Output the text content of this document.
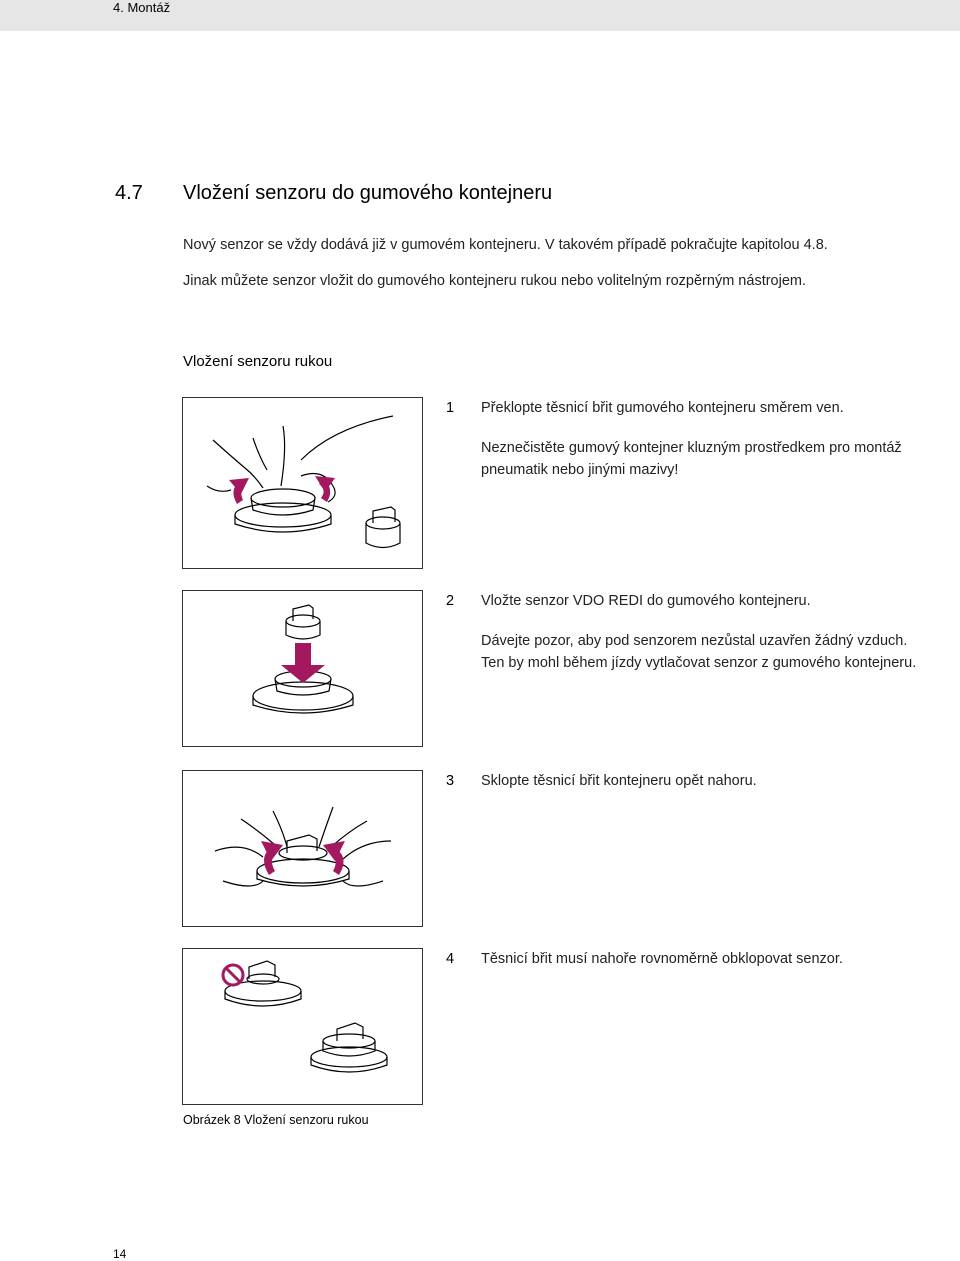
4. Montáž
4.7 Vložení senzoru do gumového kontejneru
Nový senzor se vždy dodává již v gumovém kontejneru. V takovém případě pokračujte kapitolou 4.8.
Jinak můžete senzor vložit do gumového kontejneru rukou nebo volitelným rozpěrným nástrojem.
Vložení senzoru rukou
1 Překlopte těsnicí břit gumového kontejneru směrem ven.
Neznečistěte gumový kontejner kluzným prostředkem pro montáž pneumatik nebo jinými mazivy!
2 Vložte senzor VDO REDI do gumového kontejneru.
Dávejte pozor, aby pod senzorem nezůstal uzavřen žádný vzduch. Ten by mohl během jízdy vytlačovat senzor z gumového kontejneru.
3 Sklopte těsnicí břit kontejneru opět nahoru.
4 Těsnicí břit musí nahoře rovnoměrně obklopovat senzor.
Obrázek 8 Vložení senzoru rukou
14
